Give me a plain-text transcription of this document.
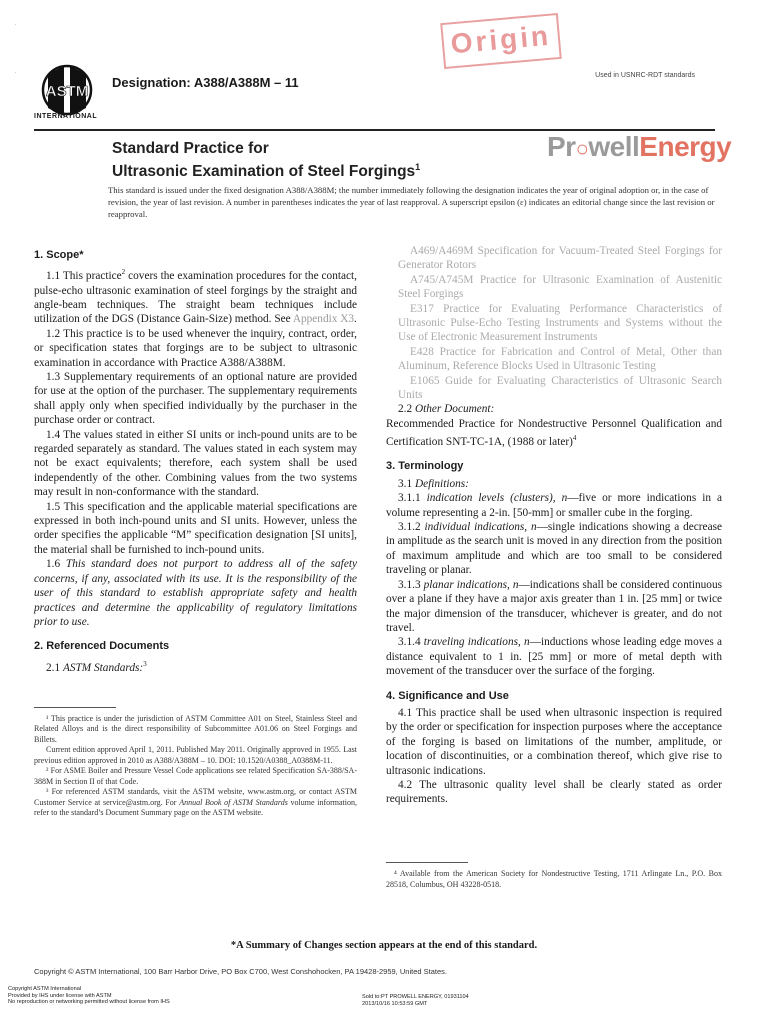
ˈ
ˈ
Origin
ASTM
INTERNATIONAL
Designation: A388/A388M – 11	Used in USNRC-RDT standards
Standard Practice for
Ultrasonic Examination of Steel Forgings$^1$
Pr○wellEnergy
This standard is issued under the fixed designation A388/A388M; the number immediately following the designation indicates the year of original adoption or, in the case of revision, the year of last revision. A number in parentheses indicates the year of last reapproval. A superscript epsilon (ε) indicates an editorial change since the last revision or reapproval.
1. Scope*

1.1 This practice$^2$ covers the examination procedures for the contact, pulse-echo ultrasonic examination of steel forgings by the straight and angle-beam techniques. The straight beam techniques include utilization of the DGS (Distance Gain-Size) method. See Appendix X3.

1.2 This practice is to be used whenever the inquiry, contract, order, or specification states that forgings are to be subject to ultrasonic examination in accordance with Practice A388/A388M.

1.3 Supplementary requirements of an optional nature are provided for use at the option of the purchaser. The supplementary requirements shall apply only when specified individually by the purchaser in the purchase order or contract.

1.4 The values stated in either SI units or inch-pound units are to be regarded separately as standard. The values stated in each system may not be exact equivalents; therefore, each system shall be used independently of the other. Combining values from the two systems may result in non-conformance with the standard.

1.5 This specification and the applicable material specifications are expressed in both inch-pound units and SI units. However, unless the order specifies the applicable “M” specification designation [SI units], the material shall be furnished to inch-pound units.

1.6 This standard does not purport to address all of the safety concerns, if any, associated with its use. It is the responsibility of the user of this standard to establish appropriate safety and health practices and determine the applicability of regulatory limitations prior to use.

2. Referenced Documents

2.1 ASTM Standards:$^3$

¹ This practice is under the jurisdiction of ASTM Committee A01 on Steel, Stainless Steel and Related Alloys and is the direct responsibility of Subcommittee A01.06 on Steel Forgings and Billets.

Current edition approved April 1, 2011. Published May 2011. Originally approved in 1955. Last previous edition approved in 2010 as A388/A388M – 10. DOI: 10.1520/A0388_A0388M-11.

² For ASME Boiler and Pressure Vessel Code applications see related Specification SA-388/SA-388M in Section II of that Code.

³ For referenced ASTM standards, visit the ASTM website, www.astm.org, or contact ASTM Customer Service at service@astm.org. For Annual Book of ASTM Standards volume information, refer to the standard’s Document Summary page on the ASTM website.

A469/A469M Specification for Vacuum-Treated Steel Forgings for Generator Rotors

A745/A745M Practice for Ultrasonic Examination of Austenitic Steel Forgings

E317 Practice for Evaluating Performance Characteristics of Ultrasonic Pulse-Echo Testing Instruments and Systems without the Use of Electronic Measurement Instruments

E428 Practice for Fabrication and Control of Metal, Other than Aluminum, Reference Blocks Used in Ultrasonic Testing

E1065 Guide for Evaluating Characteristics of Ultrasonic Search Units

2.2 Other Document:

Recommended Practice for Nondestructive Personnel Qualification and Certification SNT-TC-1A, (1988 or later)$^4$

3. Terminology

3.1 Definitions:

3.1.1 indication levels (clusters), n—five or more indications in a volume representing a 2-in. [50-mm] or smaller cube in the forging.

3.1.2 individual indications, n—single indications showing a decrease in amplitude as the search unit is moved in any direction from the position of maximum amplitude and which are too small to be considered traveling or planar.

3.1.3 planar indications, n—indications shall be considered continuous over a plane if they have a major axis greater than 1 in. [25 mm] or twice the major dimension of the transducer, whichever is greater, and do not travel.

3.1.4 traveling indications, n—inductions whose leading edge moves a distance equivalent to 1 in. [25 mm] or more of metal depth with movement of the transducer over the surface of the forging.

4. Significance and Use

4.1 This practice shall be used when ultrasonic inspection is required by the order or specification for inspection purposes where the acceptance of the forging is based on limitations of the number, amplitude, or location of discontinuities, or a combination thereof, which give rise to ultrasonic indications.

4.2 The ultrasonic quality level shall be clearly stated as order requirements.

⁴ Available from the American Society for Nondestructive Testing, 1711 Arlingate Ln., P.O. Box 28518, Columbus, OH 43228-0518.

*A Summary of Changes section appears at the end of this standard.
Copyright © ASTM International, 100 Barr Harbor Drive, PO Box C700, West Conshohocken, PA 19428-2959, United States.
Copyright ASTM International
Provided by IHS under license with ASTM
No reproduction or networking permitted without license from IHS
Sold to:PT PROWELL ENERGY, 01931104
2013/10/16 10:53:59 GMT
